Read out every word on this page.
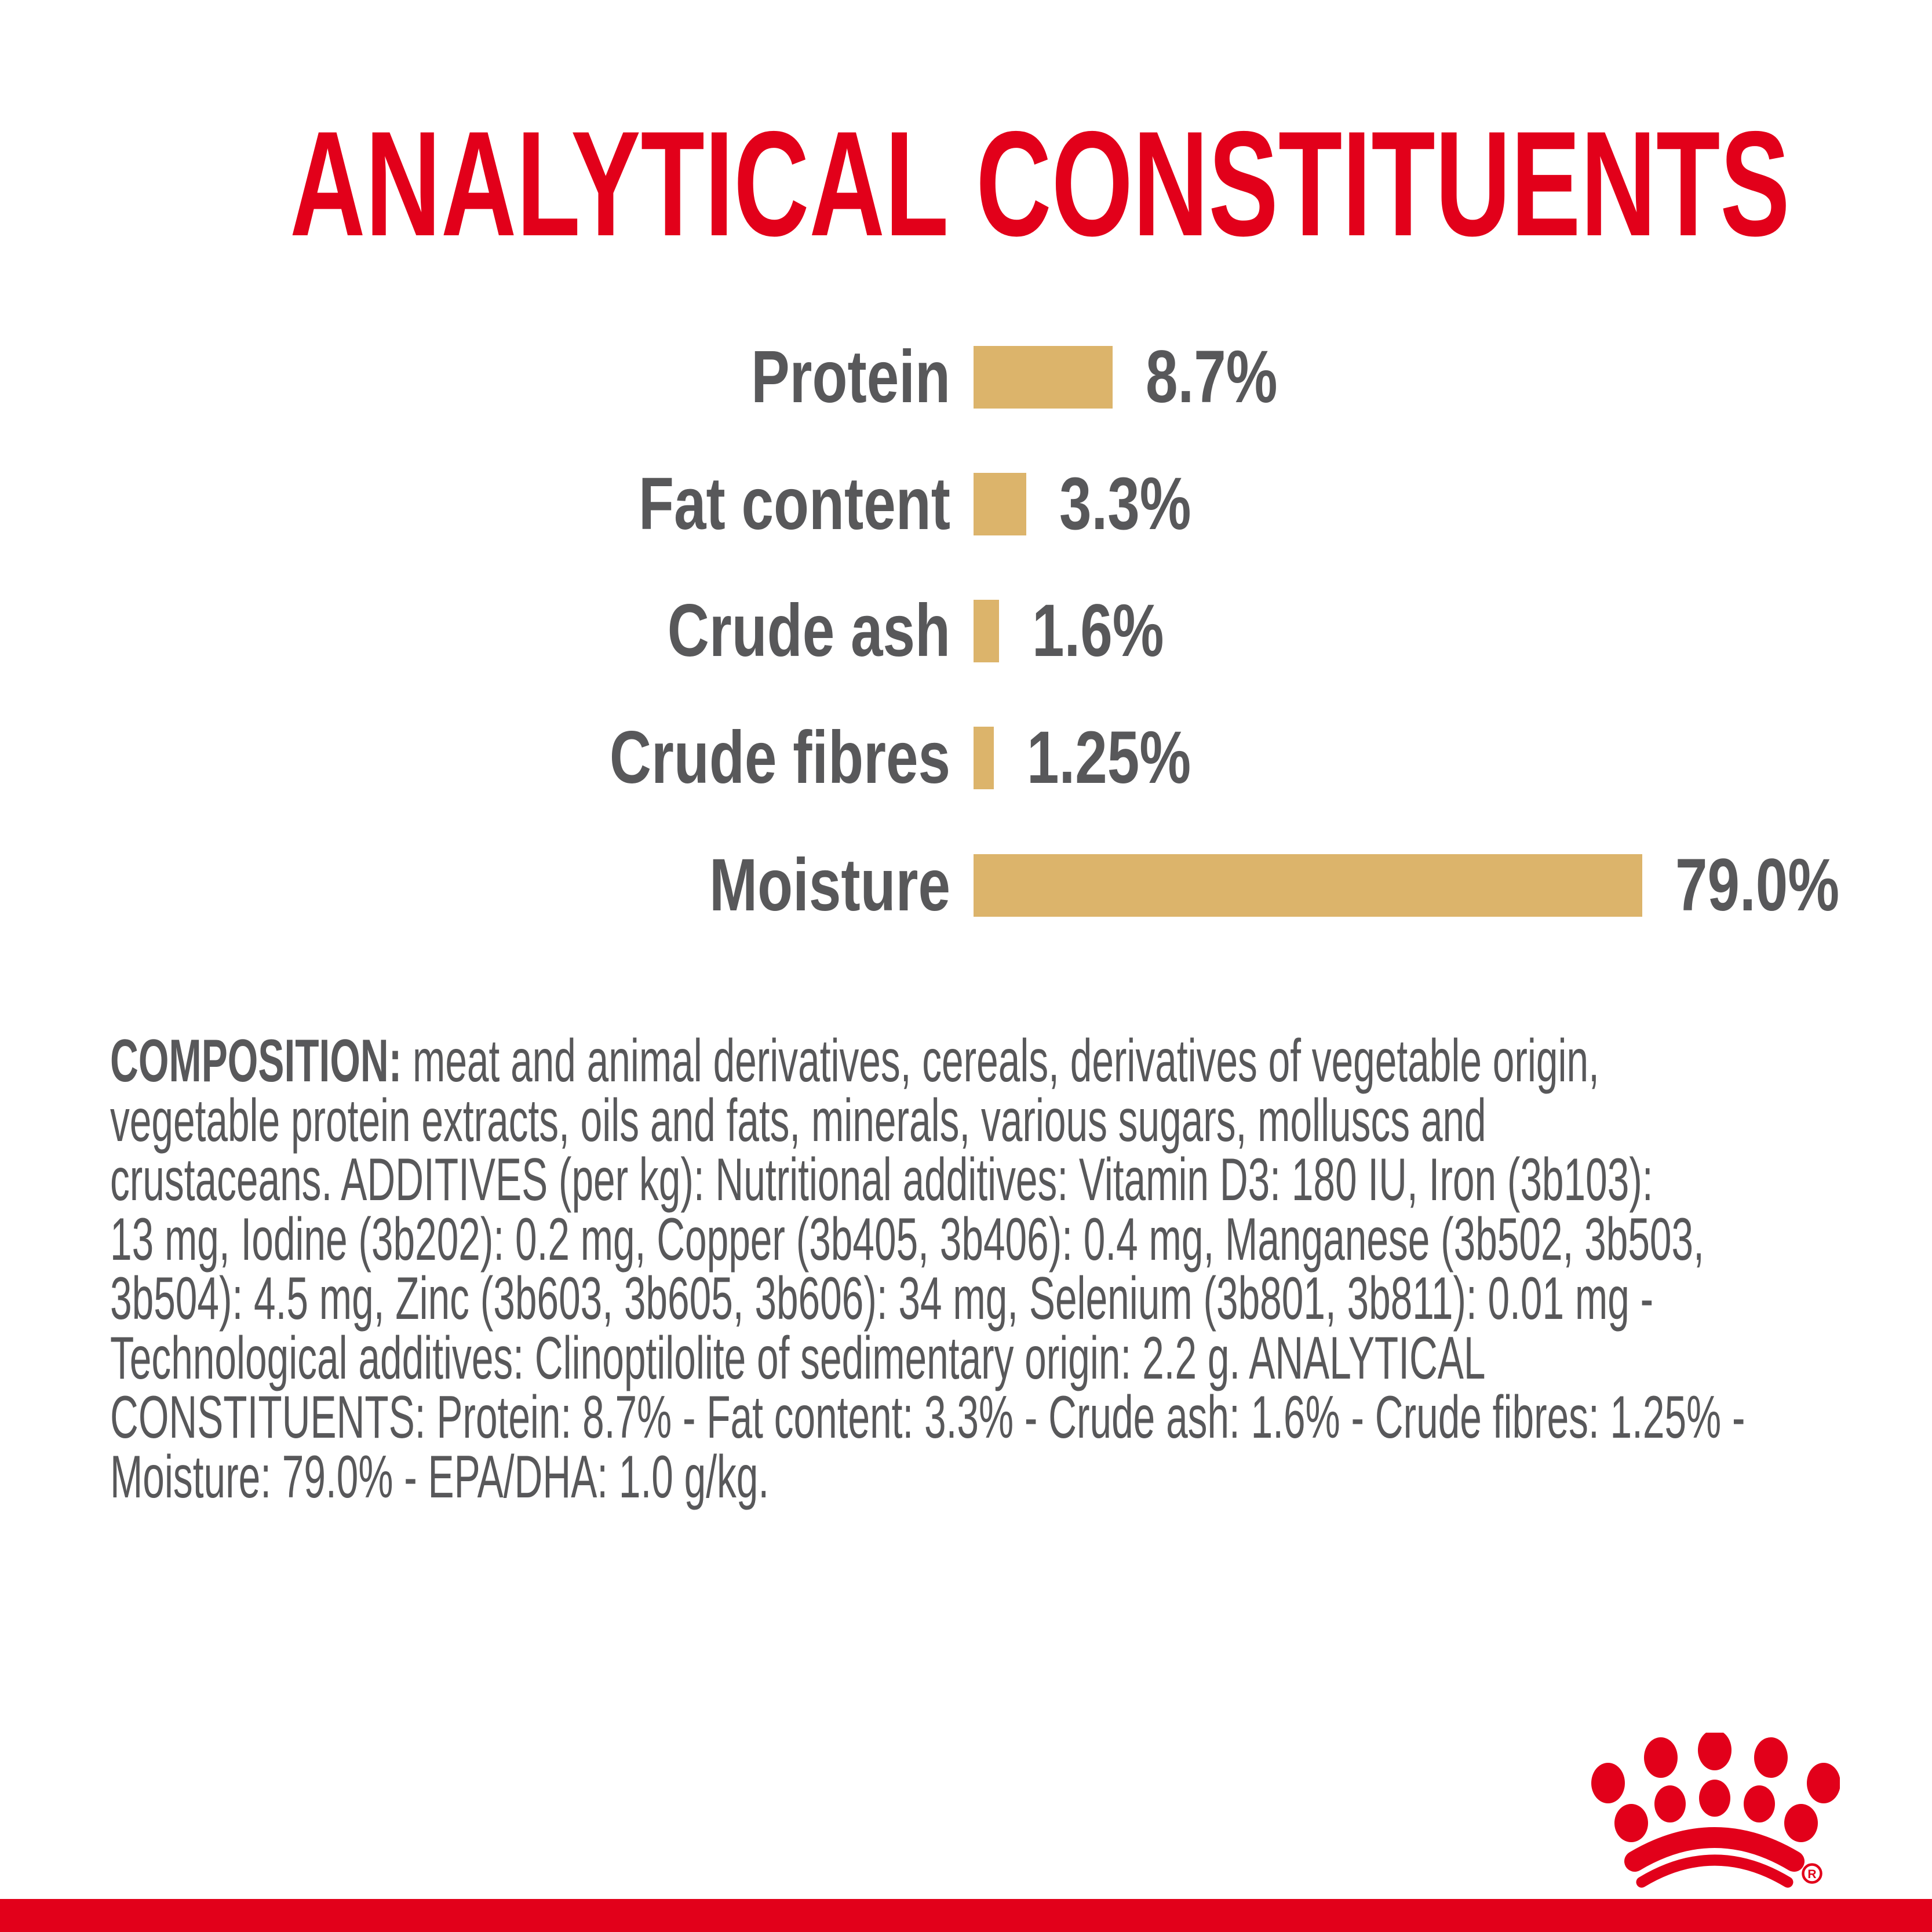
ANALYTICAL CONSTITUENTS
Protein	8.7%
Fat content 3.3%
Crude ash 1.6%
Crude fibres 1.25%
Moisture	79.0%
COMPOSITION: meat and animal derivatives, cereals, derivatives of vegetable origin,
vegetable protein extracts, oils and fats, minerals, various sugars, molluscs and
crustaceans. ADDITIVES (per kg): Nutritional additives: Vitamin D3: 180 IU, Iron (3b103):
13 mg, Iodine (3b202): 0.2 mg, Copper (3b405, 3b406): 0.4 mg, Manganese (3b502, 3b503,
3b504): 4.5 mg, Zinc (3b603, 3b605, 3b606): 34 mg, Selenium (3b801, 3b811): 0.01 mg -
Technological additives: Clinoptilolite of sedimentary origin: 2.2 g. ANALYTICAL
CONSTITUENTS: Protein: 8.7% - Fat content: 3.3% - Crude ash: 1.6% - Crude fibres: 1.25% -
Moisture: 79.0% - EPA/DHA: 1.0 g/kg.
R
